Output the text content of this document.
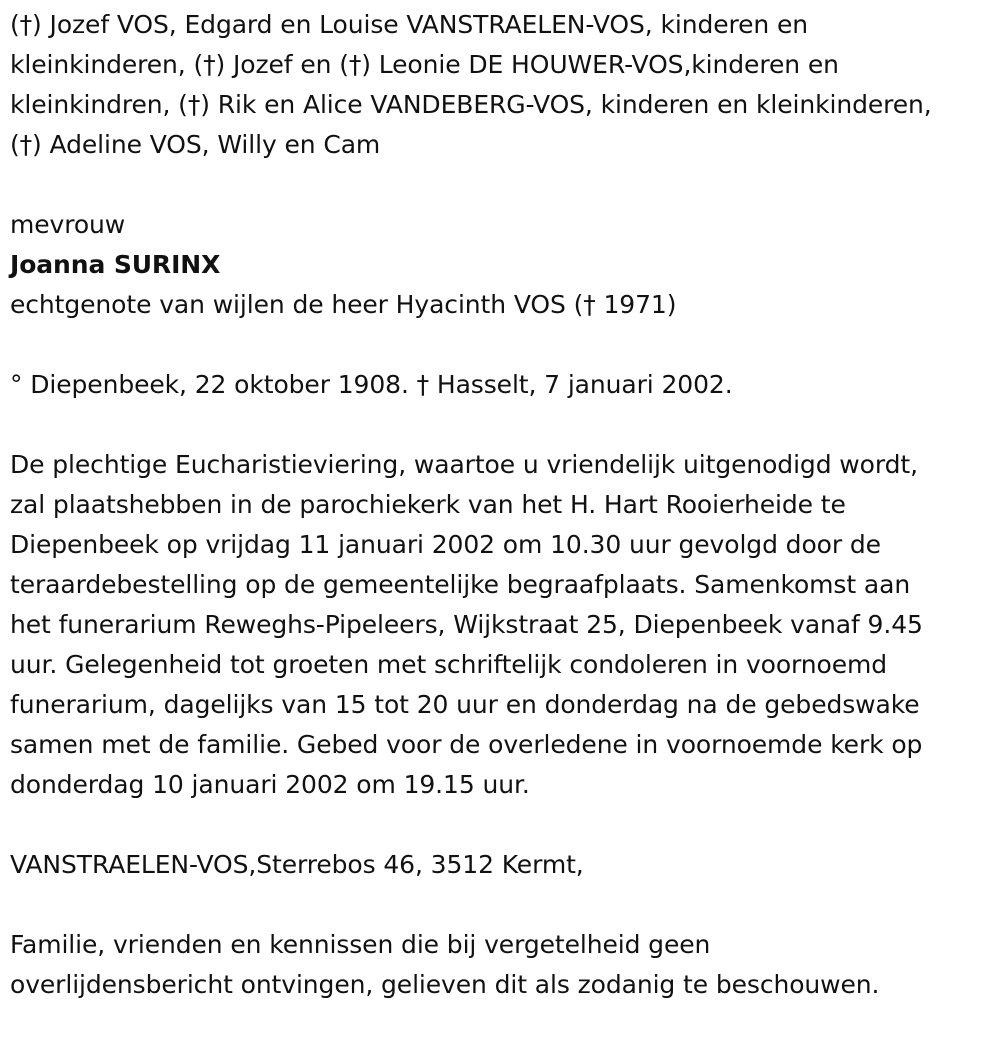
(†) Jozef VOS, Edgard en Louise VANSTRAELEN-VOS, kinderen en
kleinkinderen, (†) Jozef en (†) Leonie DE HOUWER-VOS,kinderen en
kleinkindren, (†) Rik en Alice VANDEBERG-VOS, kinderen en kleinkinderen,
(†) Adeline VOS, Willy en Cam
mevrouw
Joanna SURINX
echtgenote van wijlen de heer Hyacinth VOS († 1971)
° Diepenbeek, 22 oktober 1908. † Hasselt, 7 januari 2002.
De plechtige Eucharistieviering, waartoe u vriendelijk uitgenodigd wordt,
zal plaatshebben in de parochiekerk van het H. Hart Rooierheide te
Diepenbeek op vrijdag 11 januari 2002 om 10.30 uur gevolgd door de
teraardebestelling op de gemeentelijke begraafplaats. Samenkomst aan
het funerarium Reweghs-Pipeleers, Wijkstraat 25, Diepenbeek vanaf 9.45
uur. Gelegenheid tot groeten met schriftelijk condoleren in voornoemd
funerarium, dagelijks van 15 tot 20 uur en donderdag na de gebedswake
samen met de familie. Gebed voor de overledene in voornoemde kerk op
donderdag 10 januari 2002 om 19.15 uur.
VANSTRAELEN-VOS,Sterrebos 46, 3512 Kermt,
Familie, vrienden en kennissen die bij vergetelheid geen
overlijdensbericht ontvingen, gelieven dit als zodanig te beschouwen.
